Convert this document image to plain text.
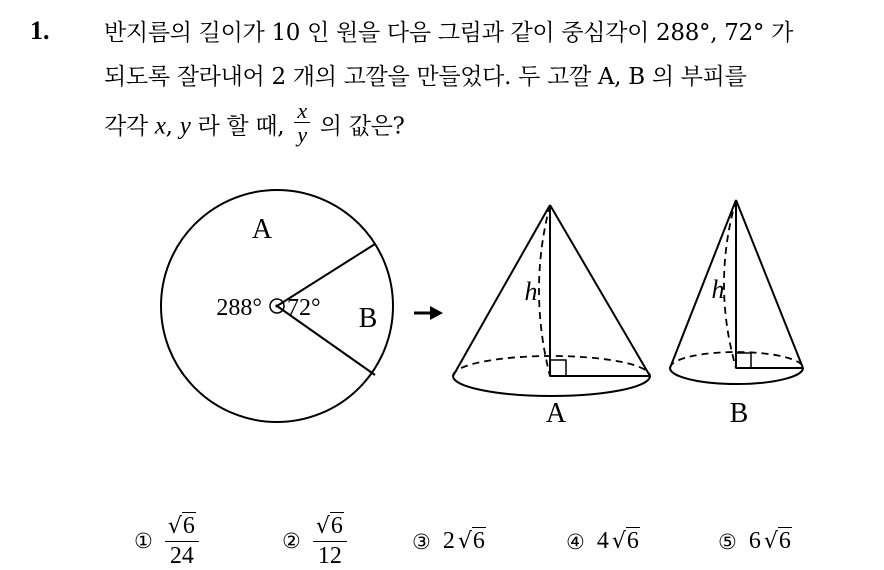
1. 반지름의 길이가 10 인 원을 다음 그림과 같이 중심각이 288°, 72° 가
되도록 잘라내어 2 개의 고깔을 만들었다. 두 고깔 A, B 의 부피를
각각 x, y 라 할 때, $\frac{x}{y}$ 의 값은?
A
B
288° 72°
h
A
h
B
①
√6
24
②
√6
12
③ 2 √6	④ 4 √6	⑤ 6 √6
